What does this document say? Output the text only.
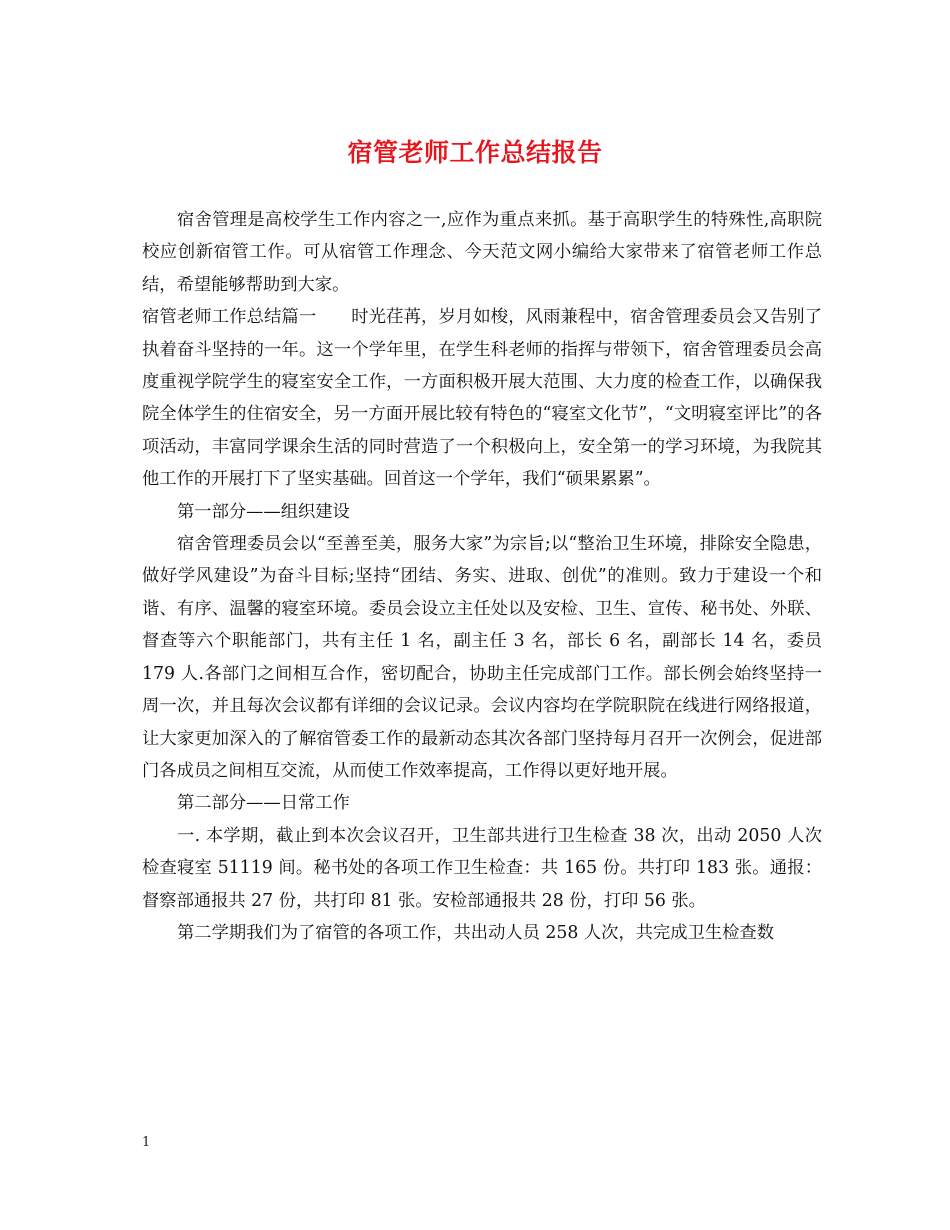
宿管老师工作总结报告

宿舍管理是高校学生工作内容之一,应作为重点来抓。基于高职学生的特殊性,高职院校应创新宿管工作。可从宿管工作理念、今天范文网小编给大家带来了宿管老师工作总结，希望能够帮助到大家。

宿管老师工作总结篇一　　时光荏苒，岁月如梭，风雨兼程中，宿舍管理委员会又告别了执着奋斗坚持的一年。这一个学年里，在学生科老师的指挥与带领下，宿舍管理委员会高度重视学院学生的寝室安全工作，一方面积极开展大范围、大力度的检查工作，以确保我院全体学生的住宿安全，另一方面开展比较有特色的“寝室文化节”，“文明寝室评比”的各项活动，丰富同学课余生活的同时营造了一个积极向上，安全第一的学习环境，为我院其他工作的开展打下了坚实基础。回首这一个学年，我们“硕果累累”。

第一部分——组织建设

宿舍管理委员会以“至善至美，服务大家”为宗旨;以“整治卫生环境，排除安全隐患，做好学风建设”为奋斗目标;坚持“团结、务实、进取、创优”的准则。致力于建设一个和谐、有序、温馨的寝室环境。委员会设立主任处以及安检、卫生、宣传、秘书处、外联、督查等六个职能部门，共有主任 1 名，副主任 3 名，部长 6 名，副部长 14 名，委员 179 人.各部门之间相互合作，密切配合，协助主任完成部门工作。部长例会始终坚持一周一次，并且每次会议都有详细的会议记录。会议内容均在学院职院在线进行网络报道，让大家更加深入的了解宿管委工作的最新动态其次各部门坚持每月召开一次例会，促进部门各成员之间相互交流，从而使工作效率提高，工作得以更好地开展。

第二部分——日常工作

一. 本学期，截止到本次会议召开，卫生部共进行卫生检查 38 次，出动 2050 人次检查寝室 51119 间。秘书处的各项工作卫生检查：共 165 份。共打印 183 张。通报： 督察部通报共 27 份，共打印 81 张。安检部通报共 28 份，打印 56 张。

第二学期我们为了宿管的各项工作，共出动人员 258 人次，共完成卫生检查数

1
